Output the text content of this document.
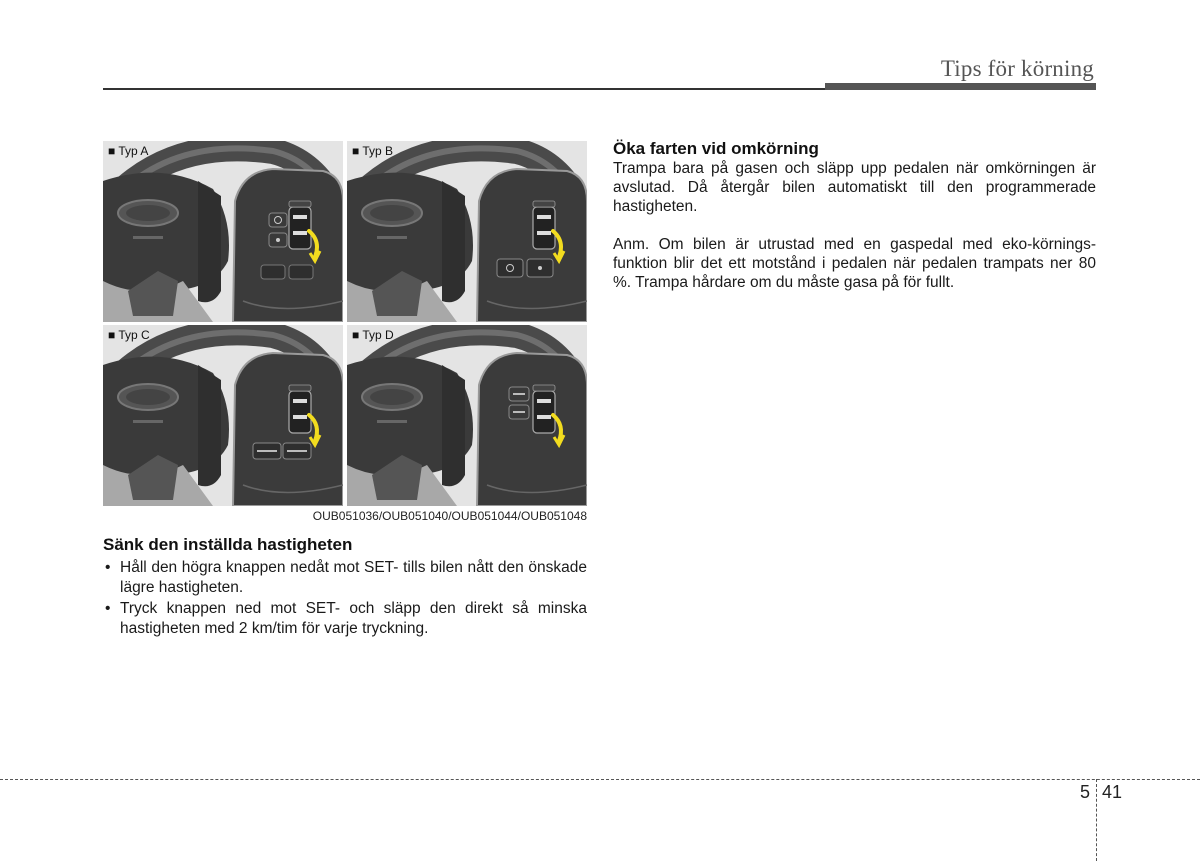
Tips för körning
■ Typ A	■ Typ B
■ Typ C	■ Typ D
OUB051036/OUB051040/OUB051044/OUB051048
Sänk den inställda hastigheten
• Håll den högra knappen nedåt mot SET- tills bilen nått den önskade lägre hastigheten.
• Tryck knappen ned mot SET- och släpp den direkt så minska hastigheten med 2 km/tim för varje tryckning.
Öka farten vid omkörning

Trampa bara på gasen och släpp upp pedalen när omkörningen är avslutad. Då återgår bilen automatiskt till den programmerade hastigheten.

Anm. Om bilen är utrustad med en gaspedal med eko-körnings-funktion blir det ett motstånd i pedalen när pedalen trampats ner 80 %. Trampa hårdare om du måste gasa på för fullt.

5 41
